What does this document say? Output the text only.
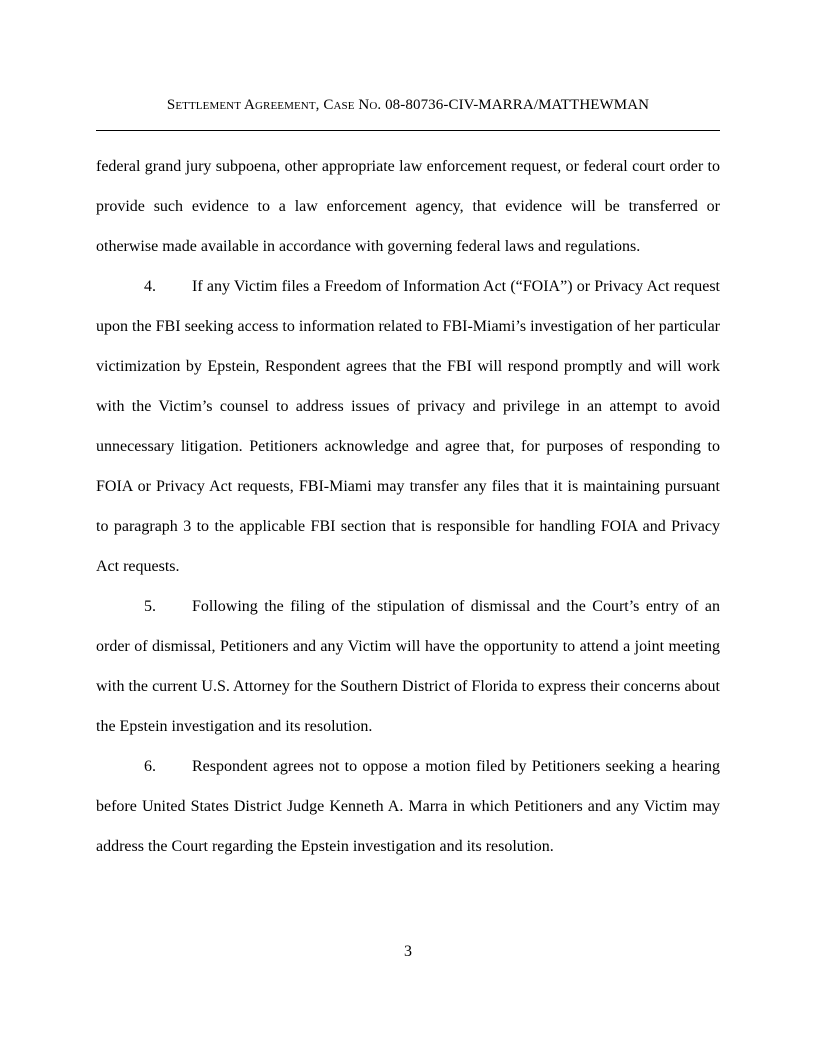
Settlement Agreement, Case No. 08-80736-CIV-MARRA/MATTHEWMAN

federal grand jury subpoena, other appropriate law enforcement request, or federal court order to provide such evidence to a law enforcement agency, that evidence will be transferred or otherwise made available in accordance with governing federal laws and regulations.

4. If any Victim files a Freedom of Information Act (“FOIA”) or Privacy Act request upon the FBI seeking access to information related to FBI-Miami’s investigation of her particular victimization by Epstein, Respondent agrees that the FBI will respond promptly and will work with the Victim’s counsel to address issues of privacy and privilege in an attempt to avoid unnecessary litigation. Petitioners acknowledge and agree that, for purposes of responding to FOIA or Privacy Act requests, FBI-Miami may transfer any files that it is maintaining pursuant to paragraph 3 to the applicable FBI section that is responsible for handling FOIA and Privacy Act requests.

5. Following the filing of the stipulation of dismissal and the Court’s entry of an order of dismissal, Petitioners and any Victim will have the opportunity to attend a joint meeting with the current U.S. Attorney for the Southern District of Florida to express their concerns about the Epstein investigation and its resolution.

6. Respondent agrees not to oppose a motion filed by Petitioners seeking a hearing before United States District Judge Kenneth A. Marra in which Petitioners and any Victim may address the Court regarding the Epstein investigation and its resolution.

3
